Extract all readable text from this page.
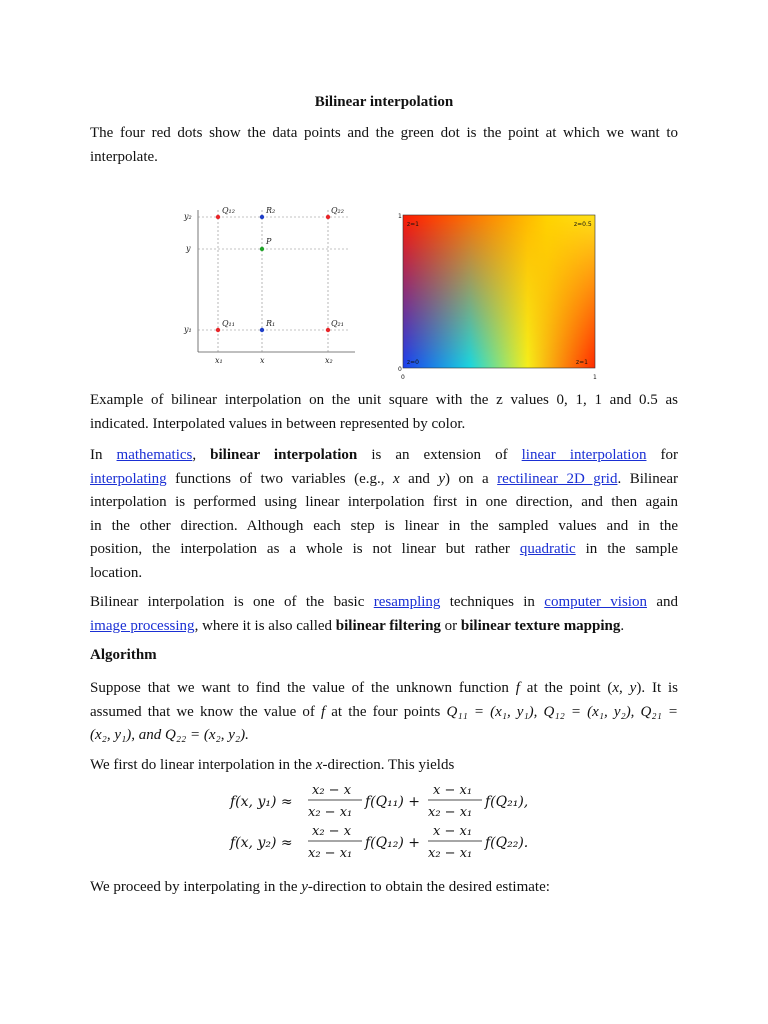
Bilinear interpolation
The four red dots show the data points and the green dot is the point at which we want to
interpolate.
Q₁₂	R₂	Q₂₂
P
Q₁₁	R₁	Q₂₁
y₂
y
y₁
x₁	x	x₂
z=1	z=0.5
z=0	z=1
1
0
0	1
Example of bilinear interpolation on the unit square with the z values 0, 1, 1 and 0.5 as
indicated. Interpolated values in between represented by color.
In mathematics, bilinear interpolation is an extension of linear interpolation for
interpolating functions of two variables (e.g., x and y) on a rectilinear 2D grid. Bilinear
interpolation is performed using linear interpolation first in one direction, and then again
in the other direction. Although each step is linear in the sampled values and in the
position, the interpolation as a whole is not linear but rather quadratic in the sample
location.
Bilinear interpolation is one of the basic resampling techniques in computer vision and
image processing, where it is also called bilinear filtering or bilinear texture mapping.
Algorithm
Suppose that we want to find the value of the unknown function f at the point (x, y). It is
assumed that we know the value of f at the four points Q₁₁ = (x₁, y₁), Q₁₂ = (x₁, y₂), Q₂₁ =
(x₂, y₁), and Q₂₂ = (x₂, y₂).
We first do linear interpolation in the x-direction. This yields
f(x, y₁) ≈
f(x, y₂) ≈
x₂ − x
x₂ − x₁
f(Q₁₁) +
x − x₁
x₂ − x₁
f(Q₂₁),
x₂ − x
x₂ − x₁
f(Q₁₂) +
x − x₁
x₂ − x₁
f(Q₂₂).
We proceed by interpolating in the y-direction to obtain the desired estimate:
